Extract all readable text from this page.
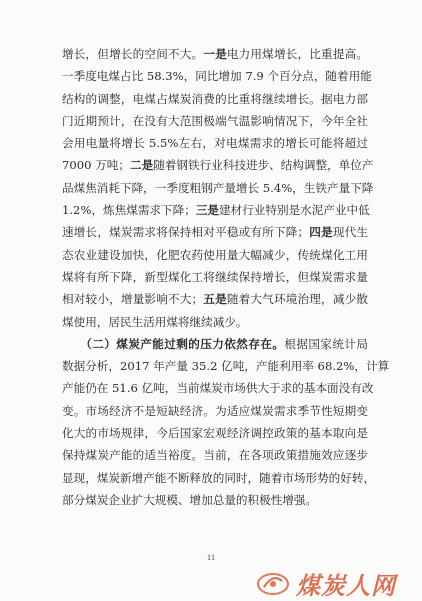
增长，但增长的空间不大。一是电力用煤增长，比重提高。
一季度电煤占比 58.3%，同比增加 7.9 个百分点，随着用能
结构的调整，电煤占煤炭消费的比重将继续增长。据电力部
门近期预计，在没有大范围极端气温影响情况下，今年全社
会用电量将增长 5.5%左右，对电煤需求的增长可能将超过
7000 万吨；二是随着钢铁行业科技进步、结构调整，单位产
品煤焦消耗下降，一季度粗钢产量增长 5.4%，生铁产量下降
1.2%，炼焦煤需求下降；三是建材行业特别是水泥产业中低
速增长，煤炭需求将保持相对平稳或有所下降；四是现代生
态农业建设加快，化肥农药使用量大幅减少，传统煤化工用
煤将有所下降，新型煤化工将继续保持增长，但煤炭需求量
相对较小，增量影响不大；五是随着大气环境治理，减少散
煤使用，居民生活用煤将继续减少。
　　（二）煤炭产能过剩的压力依然存在。根据国家统计局
数据分析，2017 年产量 35.2 亿吨，产能利用率 68.2%，计算
产能仍在 51.6 亿吨，当前煤炭市场供大于求的基本面没有改
变。市场经济不是短缺经济。为适应煤炭需求季节性短期变
化大的市场规律，今后国家宏观经济调控政策的基本取向是
保持煤炭产能的适当裕度。当前，在各项政策措施效应逐步
显现，煤炭新增产能不断释放的同时，随着市场形势的好转，
部分煤炭企业扩大规模、增加总量的积极性增强。
11
煤炭人网
